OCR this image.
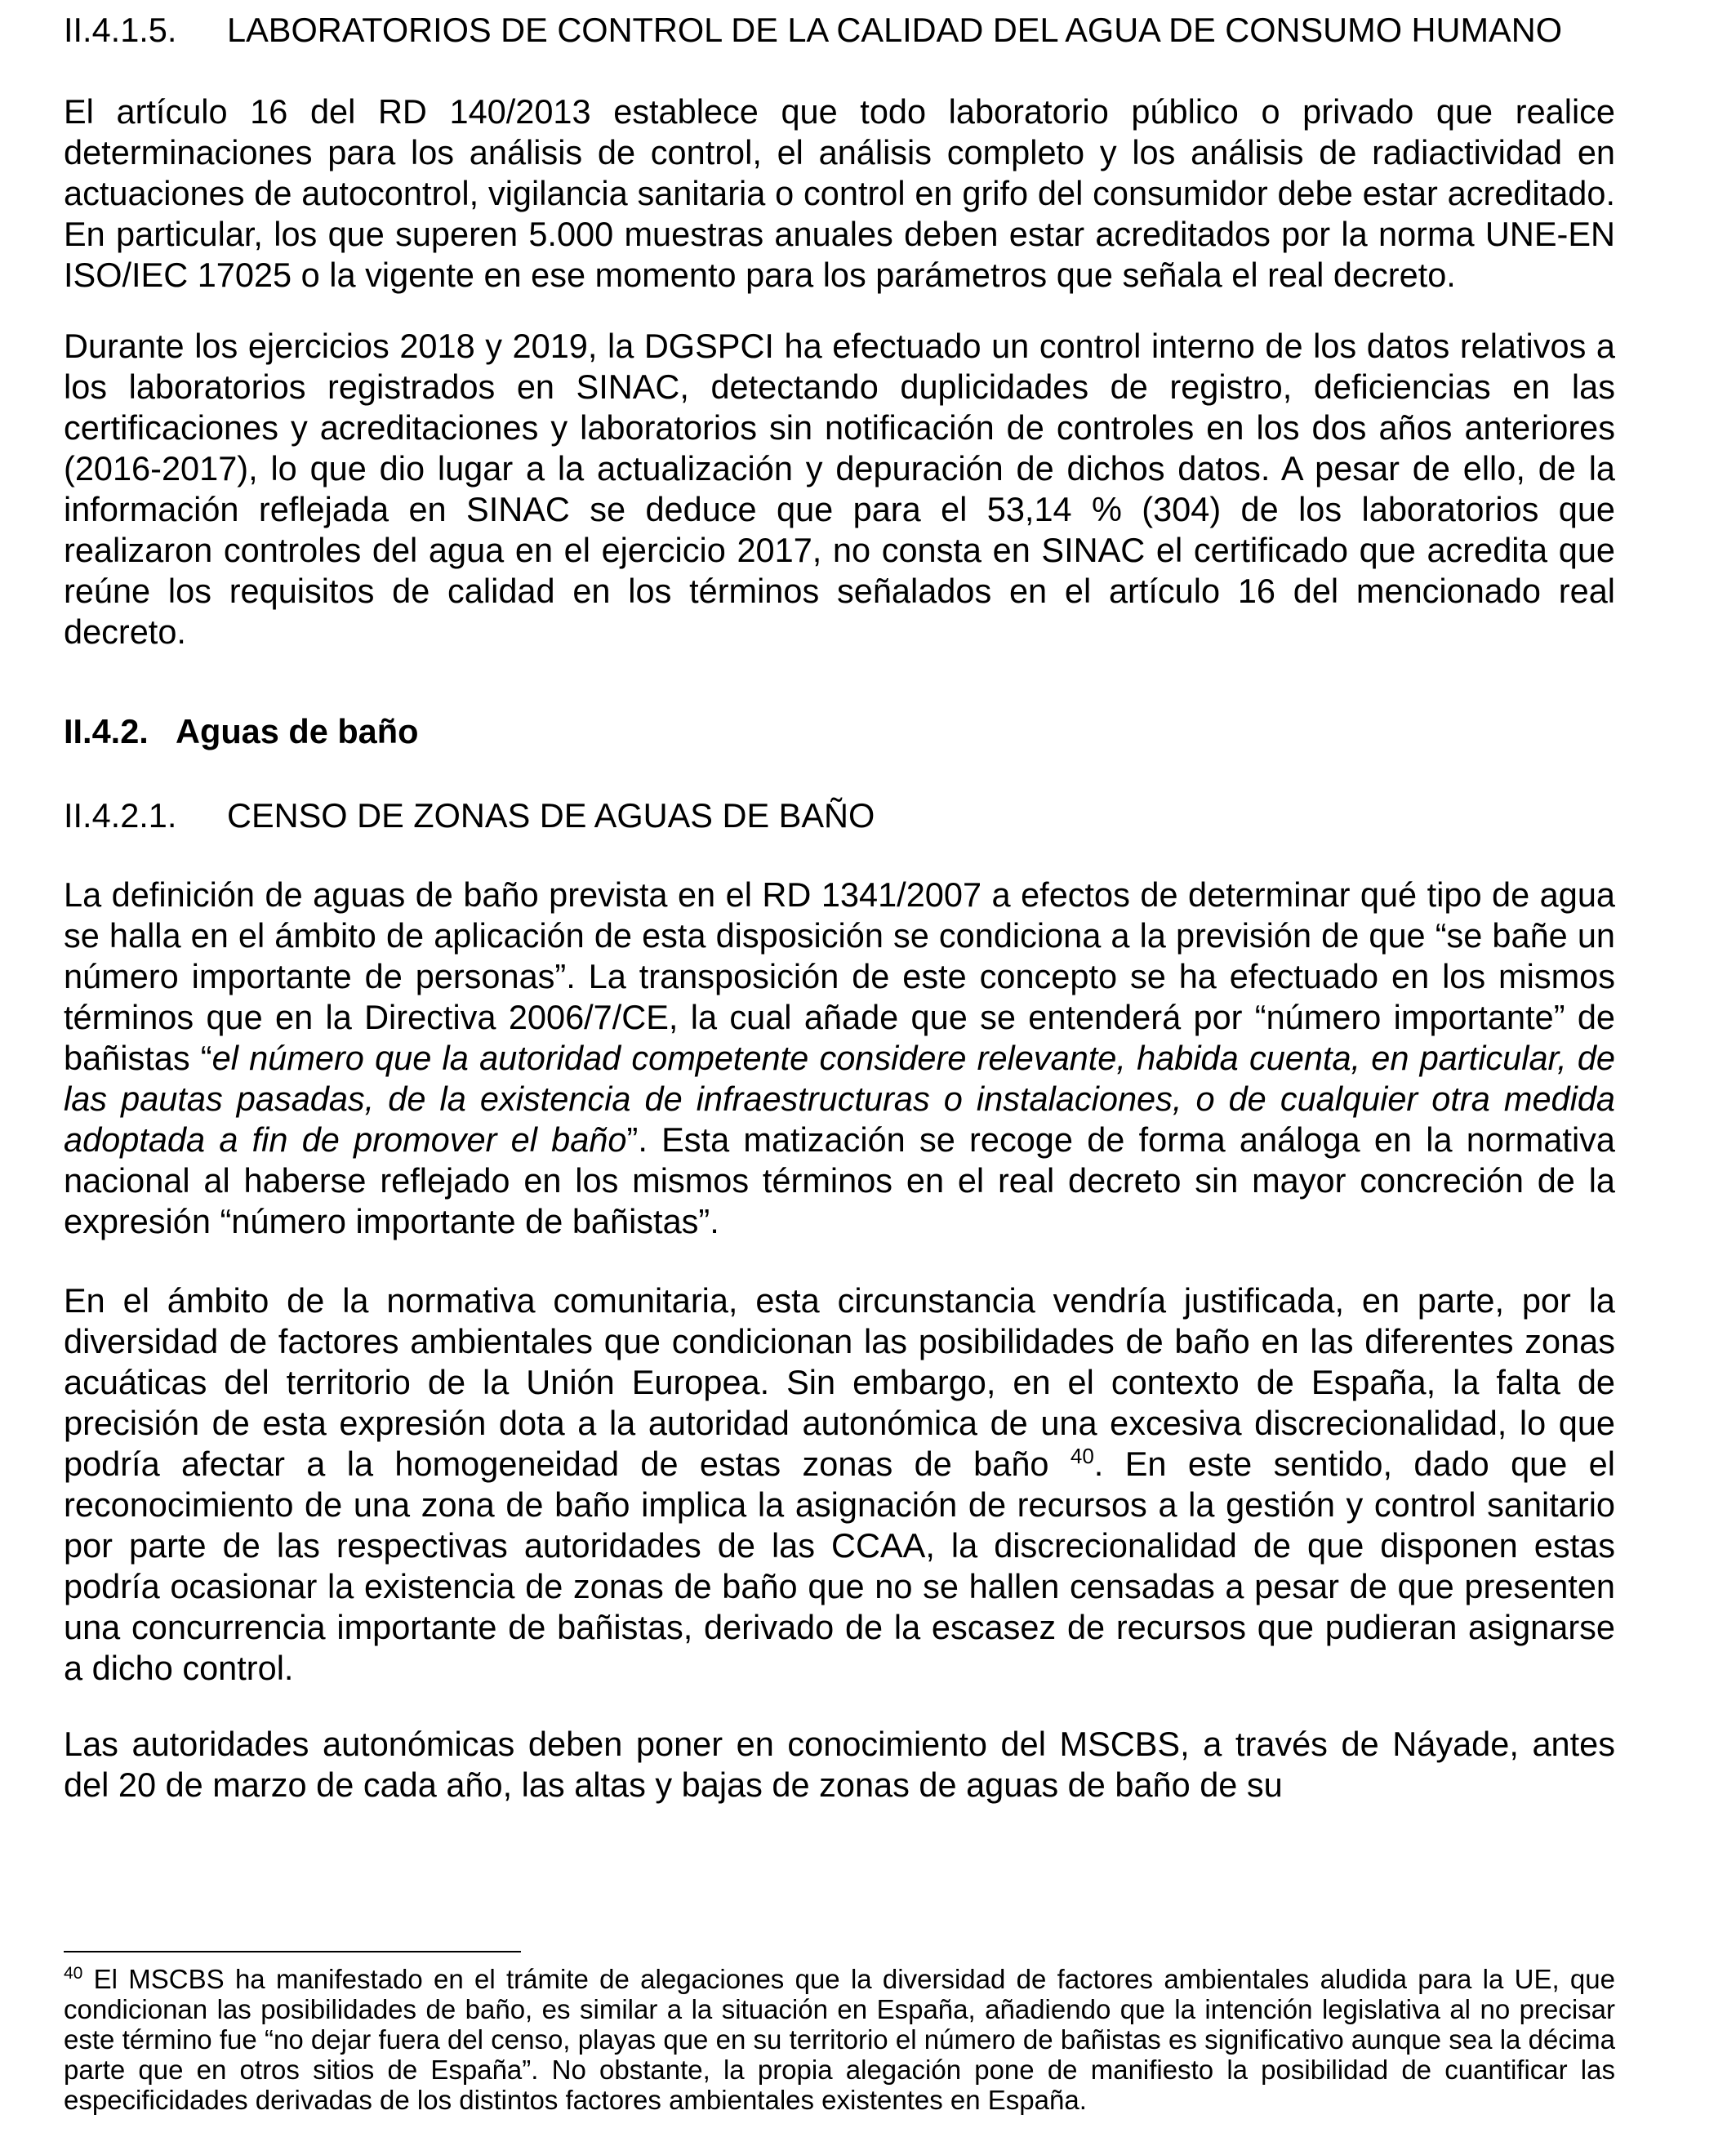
II.4.1.5. LABORATORIOS DE CONTROL DE LA CALIDAD DEL AGUA DE CONSUMO HUMANO

El artículo 16 del RD 140/2013 establece que todo laboratorio público o privado que realice determinaciones para los análisis de control, el análisis completo y los análisis de radiactividad en actuaciones de autocontrol, vigilancia sanitaria o control en grifo del consumidor debe estar acreditado. En particular, los que superen 5.000 muestras anuales deben estar acreditados por la norma UNE-EN ISO/IEC 17025 o la vigente en ese momento para los parámetros que señala el real decreto.

Durante los ejercicios 2018 y 2019, la DGSPCI ha efectuado un control interno de los datos relativos a los laboratorios registrados en SINAC, detectando duplicidades de registro, deficiencias en las certificaciones y acreditaciones y laboratorios sin notificación de controles en los dos años anteriores (2016-2017), lo que dio lugar a la actualización y depuración de dichos datos. A pesar de ello, de la información reflejada en SINAC se deduce que para el 53,14 % (304) de los laboratorios que realizaron controles del agua en el ejercicio 2017, no consta en SINAC el certificado que acredita que reúne los requisitos de calidad en los términos señalados en el artículo 16 del mencionado real decreto.

II.4.2. Aguas de baño
II.4.2.1. CENSO DE ZONAS DE AGUAS DE BAÑO

La definición de aguas de baño prevista en el RD 1341/2007 a efectos de determinar qué tipo de agua se halla en el ámbito de aplicación de esta disposición se condiciona a la previsión de que “se bañe un número importante de personas”. La transposición de este concepto se ha efectuado en los mismos términos que en la Directiva 2006/7/CE, la cual añade que se entenderá por “número importante” de bañistas “el número que la autoridad competente considere relevante, habida cuenta, en particular, de las pautas pasadas, de la existencia de infraestructuras o instalaciones, o de cualquier otra medida adoptada a fin de promover el baño”. Esta matización se recoge de forma análoga en la normativa nacional al haberse reflejado en los mismos términos en el real decreto sin mayor concreción de la expresión “número importante de bañistas”.

En el ámbito de la normativa comunitaria, esta circunstancia vendría justificada, en parte, por la diversidad de factores ambientales que condicionan las posibilidades de baño en las diferentes zonas acuáticas del territorio de la Unión Europea. Sin embargo, en el contexto de España, la falta de precisión de esta expresión dota a la autoridad autonómica de una excesiva discrecionalidad, lo que podría afectar a la homogeneidad de estas zonas de baño $^{40}$. En este sentido, dado que el reconocimiento de una zona de baño implica la asignación de recursos a la gestión y control sanitario por parte de las respectivas autoridades de las CCAA, la discrecionalidad de que disponen estas podría ocasionar la existencia de zonas de baño que no se hallen censadas a pesar de que presenten una concurrencia importante de bañistas, derivado de la escasez de recursos que pudieran asignarse a dicho control.

Las autoridades autonómicas deben poner en conocimiento del MSCBS, a través de Náyade, antes del 20 de marzo de cada año, las altas y bajas de zonas de aguas de baño de su

$^{40}$ El MSCBS ha manifestado en el trámite de alegaciones que la diversidad de factores ambientales aludida para la UE, que condicionan las posibilidades de baño, es similar a la situación en España, añadiendo que la intención legislativa al no precisar este término fue “no dejar fuera del censo, playas que en su territorio el número de bañistas es significativo aunque sea la décima parte que en otros sitios de España”. No obstante, la propia alegación pone de manifiesto la posibilidad de cuantificar las especificidades derivadas de los distintos factores ambientales existentes en España.
